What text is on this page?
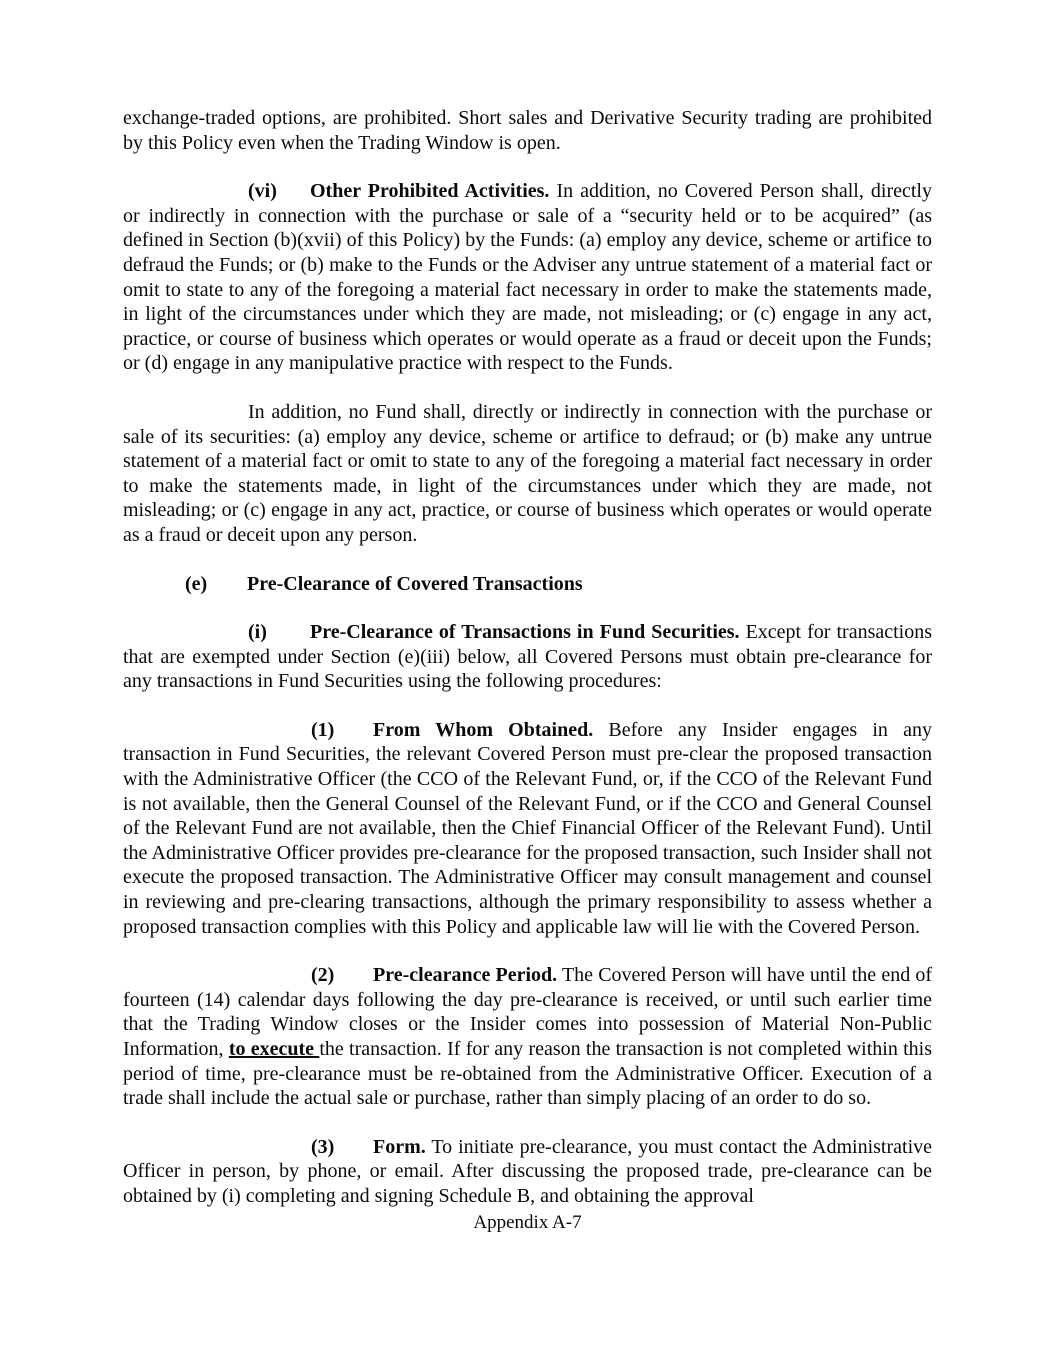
exchange-traded options, are prohibited. Short sales and Derivative Security trading are prohibited by this Policy even when the Trading Window is open.

(vi) Other Prohibited Activities. In addition, no Covered Person shall, directly or indirectly in connection with the purchase or sale of a “security held or to be acquired” (as defined in Section (b)(xvii) of this Policy) by the Funds: (a) employ any device, scheme or artifice to defraud the Funds; or (b) make to the Funds or the Adviser any untrue statement of a material fact or omit to state to any of the foregoing a material fact necessary in order to make the statements made, in light of the circumstances under which they are made, not misleading; or (c) engage in any act, practice, or course of business which operates or would operate as a fraud or deceit upon the Funds; or (d) engage in any manipulative practice with respect to the Funds.

In addition, no Fund shall, directly or indirectly in connection with the purchase or sale of its securities: (a) employ any device, scheme or artifice to defraud; or (b) make any untrue statement of a material fact or omit to state to any of the foregoing a material fact necessary in order to make the statements made, in light of the circumstances under which they are made, not misleading; or (c) engage in any act, practice, or course of business which operates or would operate as a fraud or deceit upon any person.

(e) Pre-Clearance of Covered Transactions

(i) Pre-Clearance of Transactions in Fund Securities. Except for transactions that are exempted under Section (e)(iii) below, all Covered Persons must obtain pre-clearance for any transactions in Fund Securities using the following procedures:

(1) From Whom Obtained. Before any Insider engages in any transaction in Fund Securities, the relevant Covered Person must pre-clear the proposed transaction with the Administrative Officer (the CCO of the Relevant Fund, or, if the CCO of the Relevant Fund is not available, then the General Counsel of the Relevant Fund, or if the CCO and General Counsel of the Relevant Fund are not available, then the Chief Financial Officer of the Relevant Fund). Until the Administrative Officer provides pre-clearance for the proposed transaction, such Insider shall not execute the proposed transaction. The Administrative Officer may consult management and counsel in reviewing and pre-clearing transactions, although the primary responsibility to assess whether a proposed transaction complies with this Policy and applicable law will lie with the Covered Person.

(2) Pre-clearance Period. The Covered Person will have until the end of fourteen (14) calendar days following the day pre-clearance is received, or until such earlier time that the Trading Window closes or the Insider comes into possession of Material Non-Public Information, to execute the transaction. If for any reason the transaction is not completed within this period of time, pre-clearance must be re-obtained from the Administrative Officer. Execution of a trade shall include the actual sale or purchase, rather than simply placing of an order to do so.

(3) Form. To initiate pre-clearance, you must contact the Administrative Officer in person, by phone, or email. After discussing the proposed trade, pre-clearance can be obtained by (i) completing and signing Schedule B, and obtaining the approval

Appendix A-7
